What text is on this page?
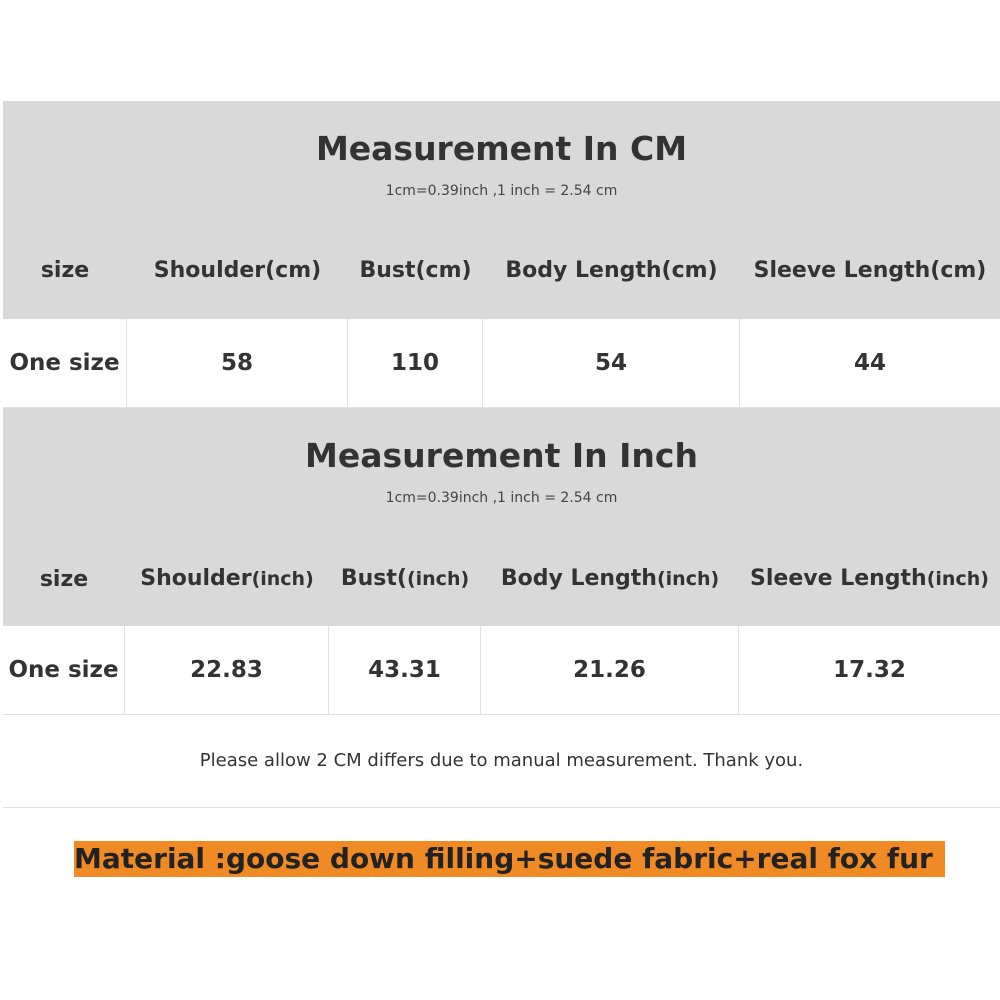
Measurement In CM

1cm=0.39inch ,1 inch = 2.54 cm

size	Shoulder(cm)	Bust(cm)	Body Length(cm)	Sleeve Length(cm)
One size	58	110	54	44
Measurement In Inch

1cm=0.39inch ,1 inch = 2.54 cm

size	Shoulder(inch)	Bust((inch)	Body Length(inch)	Sleeve Length(inch)
One size	22.83	43.31	21.26	17.32
Please allow 2 CM differs due to manual measurement. Thank you.
Material :goose down filling+suede fabric+real fox fur
